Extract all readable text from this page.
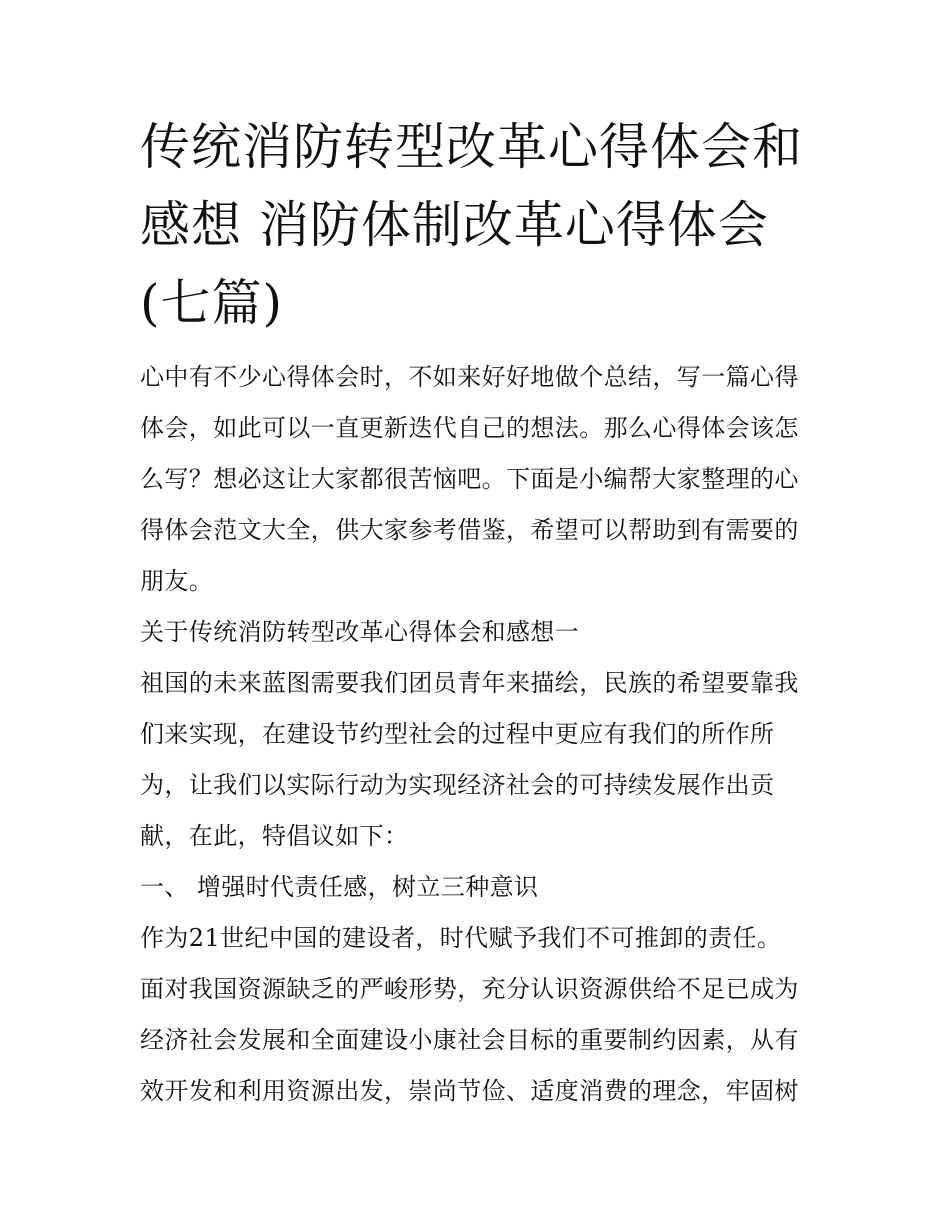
传统消防转型改革心得体会和
感想 消防体制改革心得体会
(七篇)
心中有不少心得体会时，不如来好好地做个总结，写一篇心得
体会，如此可以一直更新迭代自己的想法。那么心得体会该怎
么写？想必这让大家都很苦恼吧。下面是小编帮大家整理的心
得体会范文大全，供大家参考借鉴，希望可以帮助到有需要的
朋友。
关于传统消防转型改革心得体会和感想一
祖国的未来蓝图需要我们团员青年来描绘，民族的希望要靠我
们来实现，在建设节约型社会的过程中更应有我们的所作所
为，让我们以实际行动为实现经济社会的可持续发展作出贡
献，在此，特倡议如下：
一、 增强时代责任感，树立三种意识
作为21世纪中国的建设者，时代赋予我们不可推卸的责任。
面对我国资源缺乏的严峻形势，充分认识资源供给不足已成为
经济社会发展和全面建设小康社会目标的重要制约因素，从有
效开发和利用资源出发，崇尚节俭、适度消费的理念，牢固树
